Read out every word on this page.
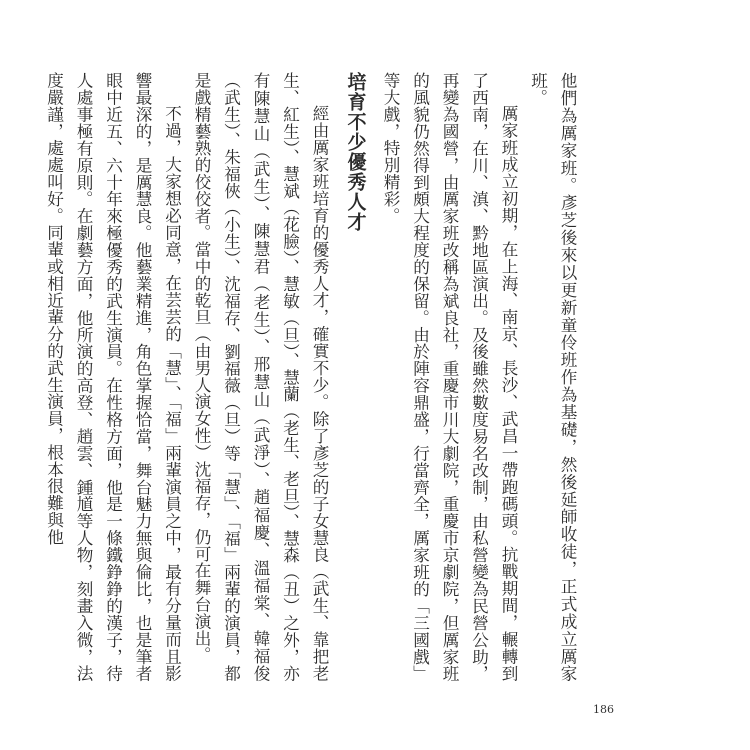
他們為厲家班。彥芝後來以更新童伶班作為基礎，然後延師收徒，正式成立厲家班。

厲家班成立初期，在上海、南京、長沙、武昌一帶跑碼頭。抗戰期間，輾轉到了西南，在川、滇、黔地區演出。及後雖然數度易名改制，由私營變為民營公助，再變為國營，由厲家班改稱為斌良社，重慶市川大劇院，重慶市京劇院，但厲家班的風貌仍然得到頗大程度的保留。由於陣容鼎盛，行當齊全，厲家班的「三國戲」等大戲，特別精彩。

培育不少優秀人才

經由厲家班培育的優秀人才，確實不少。除了彥芝的子女慧良（武生、靠把老生、紅生）、慧斌（花臉）、慧敏（旦）、慧蘭（老生、老旦）、慧森（丑）之外，亦有陳慧山（武生）、陳慧君（老生）、邢慧山（武淨）、趙福慶、溫福棠、韓福俊（武生）、朱福俠（小生）、沈福存、劉福薇（旦）等「慧」、「福」兩輩的演員，都是戲精藝熟的佼佼者。當中的乾旦（由男人演女性）沈福存，仍可在舞台演出。

不過，大家想必同意，在芸芸的「慧」、「福」兩輩演員之中，最有分量而且影響最深的，是厲慧良。他藝業精進，角色掌握恰當，舞台魅力無與倫比，也是筆者眼中近五、六十年來極優秀的武生演員。在性格方面，他是一條鐵錚錚的漢子，待人處事極有原則。在劇藝方面，他所演的高登、趙雲、鍾馗等人物，刻畫入微，法度嚴謹，處處叫好。同輩或相近輩分的武生演員，根本很難與他

186
